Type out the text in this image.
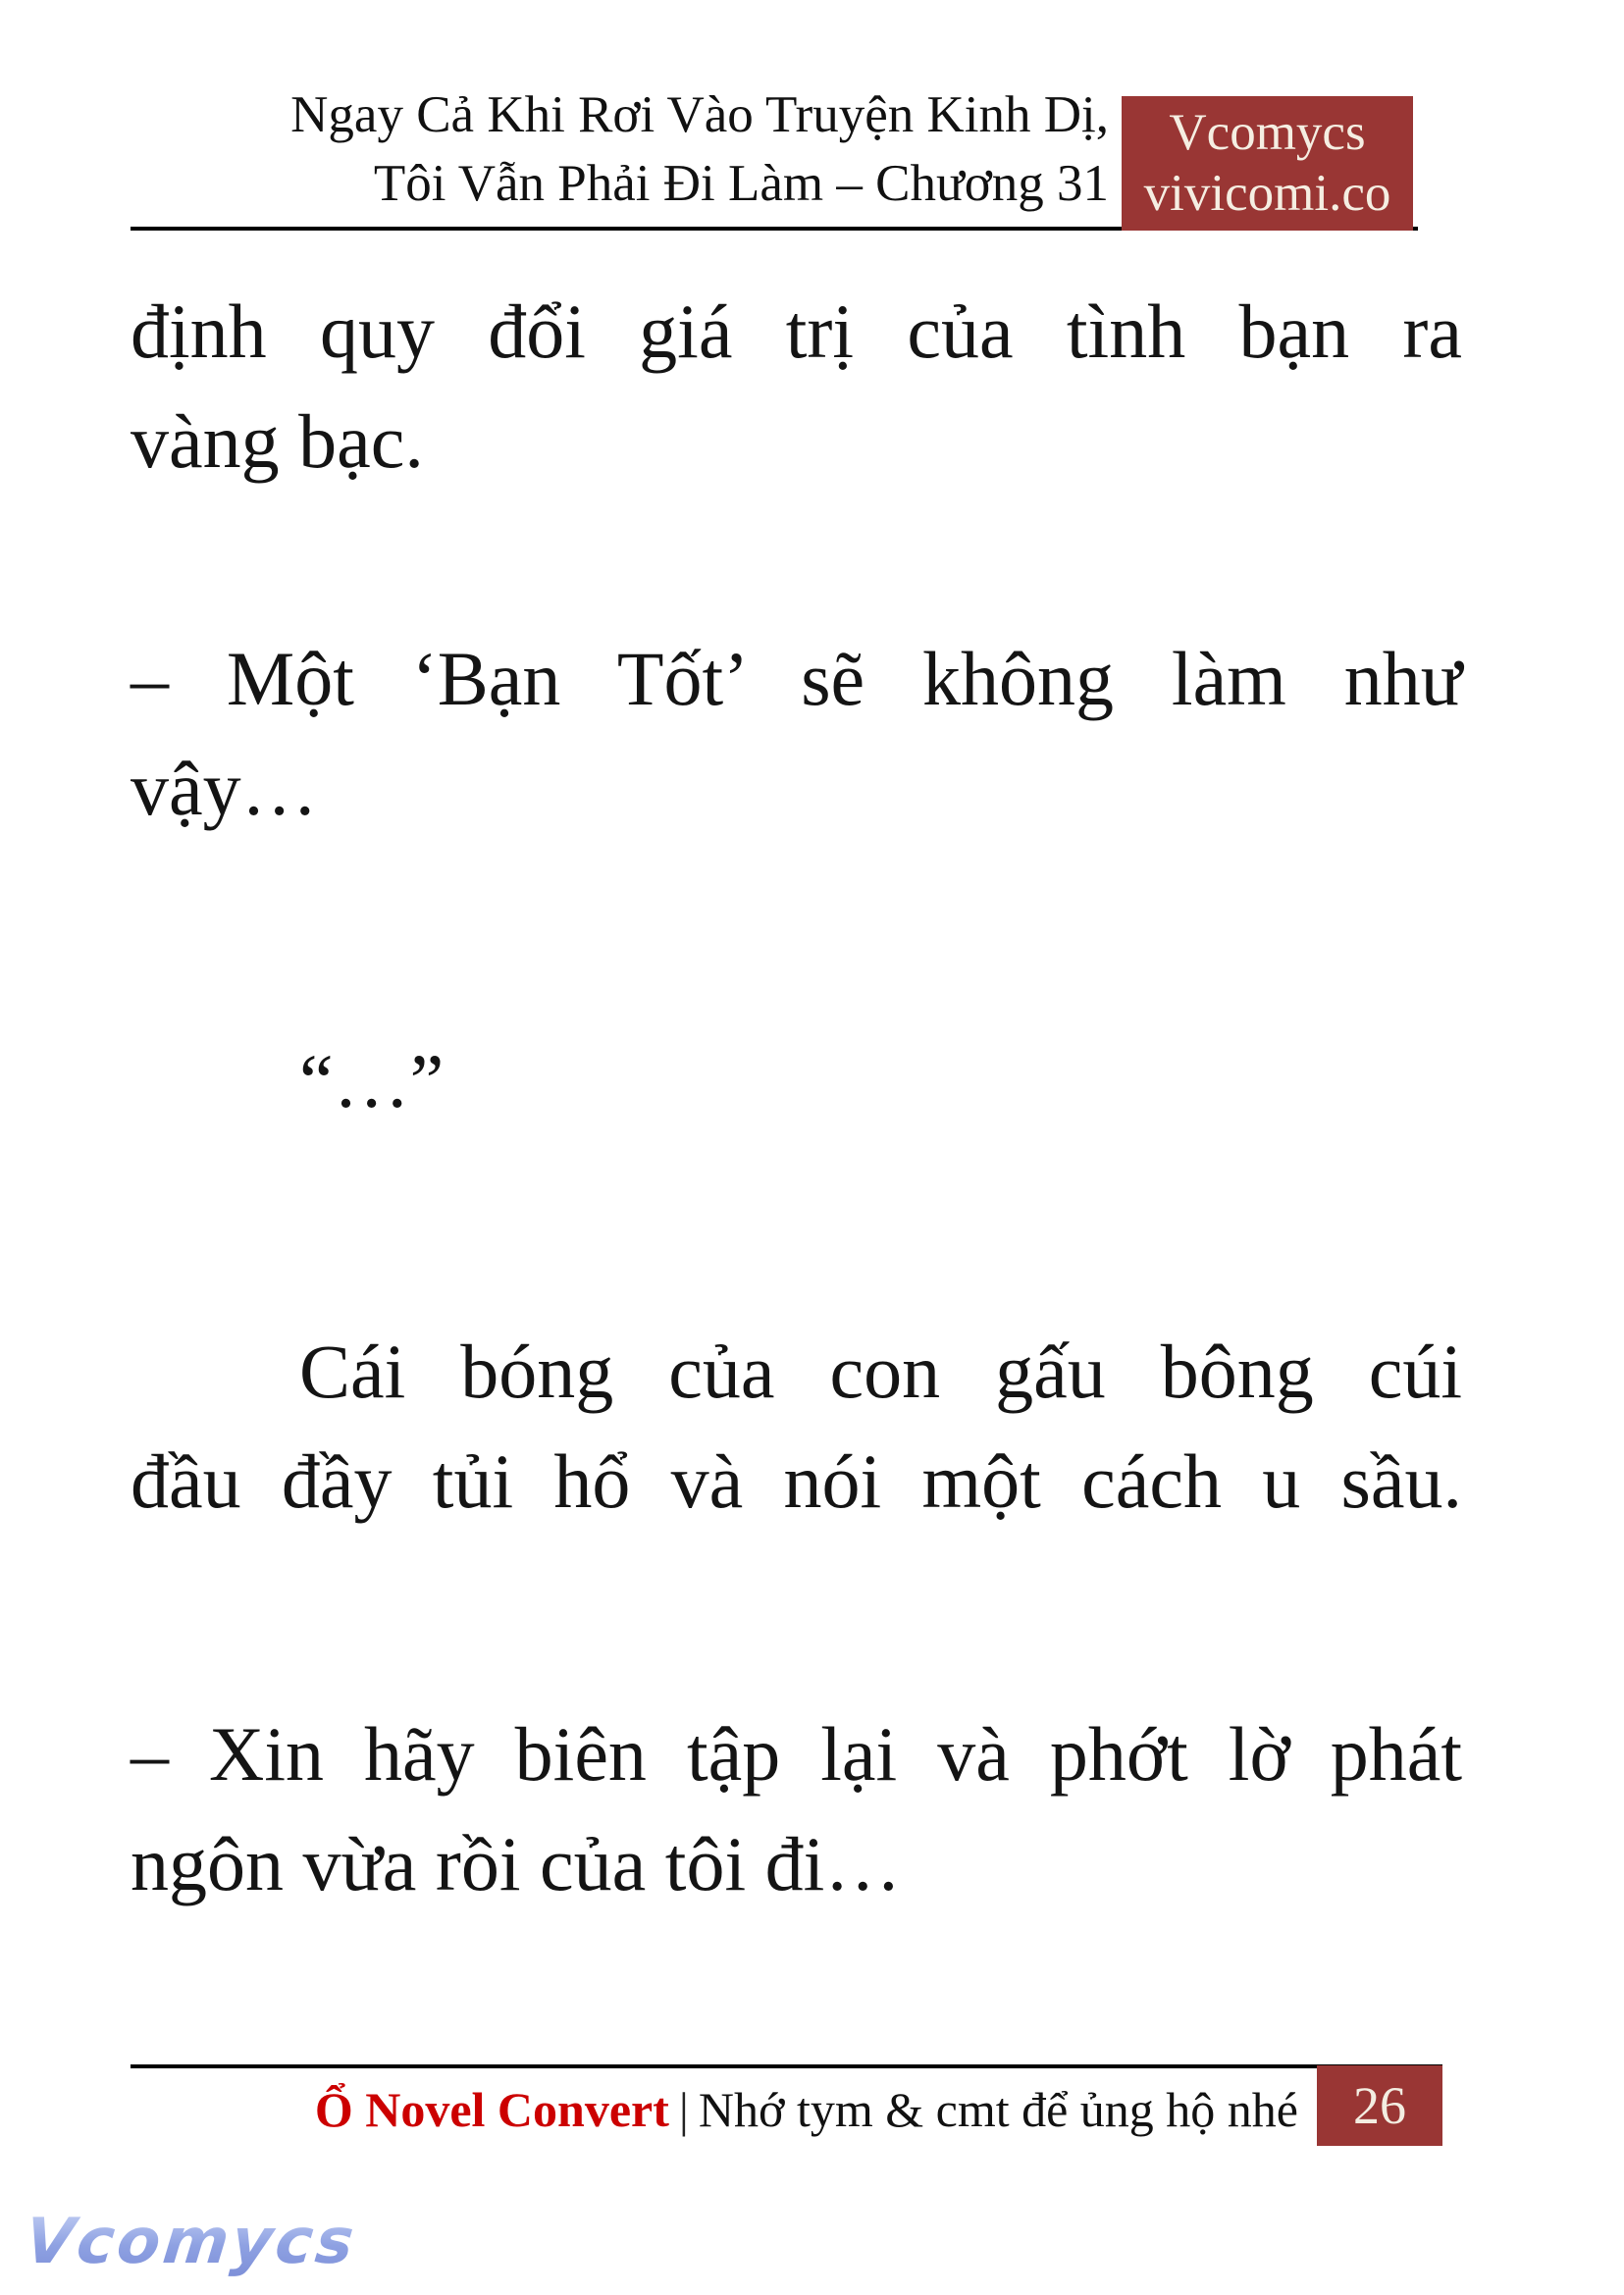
Ngay Cả Khi Rơi Vào Truyện Kinh Dị,
Tôi Vẫn Phải Đi Làm – Chương 31
Vcomycs
vivicomi.co
định quy đổi giá trị của tình bạn ra
vàng bạc.
– Một ‘Bạn Tốt’ sẽ không làm như
vậy…
“…”
Cái bóng của con gấu bông cúi
đầu đầy tủi hổ và nói một cách u sầu.
– Xin hãy biên tập lại và phớt lờ phát
ngôn vừa rồi của tôi đi…
Ổ Novel Convert | Nhớ tym & cmt để ủng hộ nhé 26
Vcomycs
